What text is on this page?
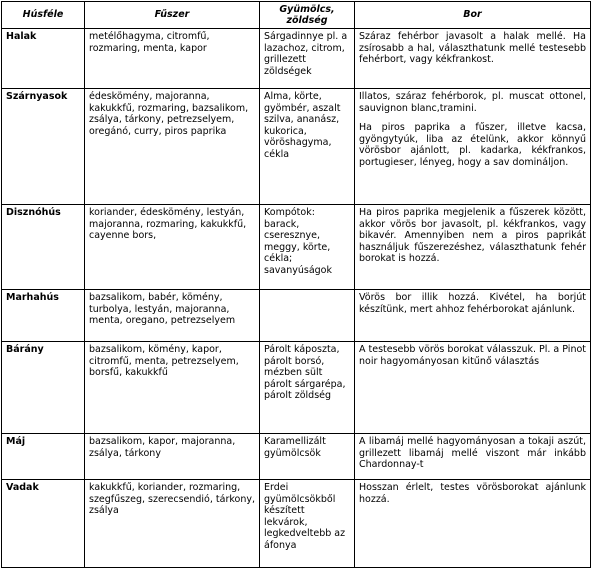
Húsféle	Fűszer	Gyümölcs, zöldség	Bor
Halak	metélőhagyma, citromfű, rozmaring, menta, kapor	Sárgadinnye pl. a lazachoz, citrom, grillezett zöldségek	Száraz fehérbor javasolt a halak mellé. Ha zsírosabb a hal, választhatunk mellé testesebb fehérbort, vagy kékfrankost.

Szárnyasok	édeskömény, majoranna, kakukkfű, rozmaring, bazsalikom, zsálya, tárkony, petrezselyem, oregánó, curry, piros paprika	Alma, körte, gyömbér, aszalt szilva, ananász, kukorica, vöröshagyma, cékla	Illatos, száraz fehérborok, pl. muscat ottonel, sauvignon blanc,tramini.
Ha piros paprika a fűszer, illetve kacsa, gyöngytyúk, liba az ételünk, akkor könnyű vörösbor ajánlott, pl. kadarka, kékfrankos, portugieser, lényeg, hogy a sav domináljon.

Disznóhús	koriander, édeskömény, lestyán, majoranna, rozmaring, kakukkfű, cayenne bors,	Kompótok: barack, cseresznye, meggy, körte, cékla; savanyúságok	Ha piros paprika megjelenik a fűszerek között, akkor vörös bor javasolt, pl. kékfrankos, vagy bikavér. Amennyiben nem a piros paprikát használjuk fűszerezéshez, választhatunk fehér borokat is hozzá.

Marhahús	bazsalikom, babér, kömény, turbolya, lestyán, majoranna, menta, oregano, petrezselyem		Vörös bor illik hozzá. Kivétel, ha borjút készítünk, mert ahhoz fehérborokat ajánlunk.

Bárány	bazsalikom, kömény, kapor, citromfű, menta, petrezselyem, borsfű, kakukkfű	Párolt káposzta, párolt borsó, mézben sült párolt sárgarépa, párolt zöldség	A testesebb vörös borokat válasszuk. Pl. a Pinot noir hagyományosan kitűnő választás

Máj	bazsalikom, kapor, majoranna, zsálya, tárkony	Karamellizált gyümölcsök	A libamáj mellé hagyományosan a tokaji aszút, grillezett libamáj mellé viszont már inkább Chardonnay-t

Vadak	kakukkfű, koriander, rozmaring, szegfűszeg, szerecsendió, tárkony, zsálya	Erdei gyümölcsökből készített lekvárok, legkedveltebb az áfonya	Hosszan érlelt, testes vörösborokat ajánlunk hozzá.
